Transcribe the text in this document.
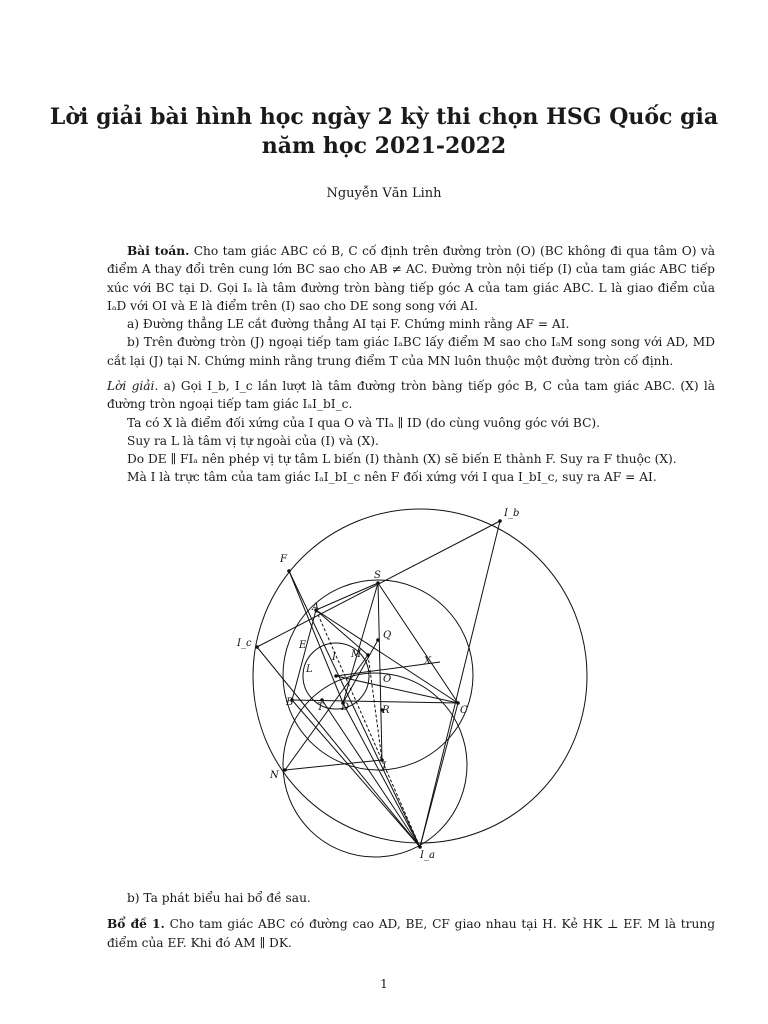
Lời giải bài hình học ngày 2 kỳ thi chọn HSG Quốc gia
năm học 2021-2022
Nguyễn Văn Linh

Bài toán. Cho tam giác ABC có B, C cố định trên đường tròn (O) (BC không đi qua tâm O) và điểm A thay đổi trên cung lớn BC sao cho AB ≠ AC. Đường tròn nội tiếp (I) của tam giác ABC tiếp xúc với BC tại D. Gọi Iₐ là tâm đường tròn bàng tiếp góc A của tam giác ABC. L là giao điểm của IₐD với OI và E là điểm trên (I) sao cho DE song song với AI.

a) Đường thẳng LE cắt đường thẳng AI tại F. Chứng minh rằng AF = AI.

b) Trên đường tròn (J) ngoại tiếp tam giác IₐBC lấy điểm M sao cho IₐM song song với AD, MD cắt lại (J) tại N. Chứng minh rằng trung điểm T của MN luôn thuộc một đường tròn cố định.

Lời giải. a) Gọi I_b, I_c lần lượt là tâm đường tròn bàng tiếp góc B, C của tam giác ABC. (X) là đường tròn ngoại tiếp tam giác IₐI_bI_c.

Ta có X là điểm đối xứng của I qua O và TIₐ ∥ ID (do cùng vuông góc với BC).

Suy ra L là tâm vị tự ngoài của (I) và (X).

Do DE ∥ FIₐ nên phép vị tự tâm L biến (I) thành (X) sẽ biến E thành F. Suy ra F thuộc (X).

Mà I là trực tâm của tam giác IₐI_bI_c nên F đối xứng với I qua I_bI_c, suy ra AF = AI.

I_b
F
S
A
Q
I_c	E
I M
X
L
O
B T D	R	C
J
N
I_a

b) Ta phát biểu hai bổ đề sau.

Bổ đề 1. Cho tam giác ABC có đường cao AD, BE, CF giao nhau tại H. Kẻ HK ⊥ EF. M là trung điểm của EF. Khi đó AM ∥ DK.

1
